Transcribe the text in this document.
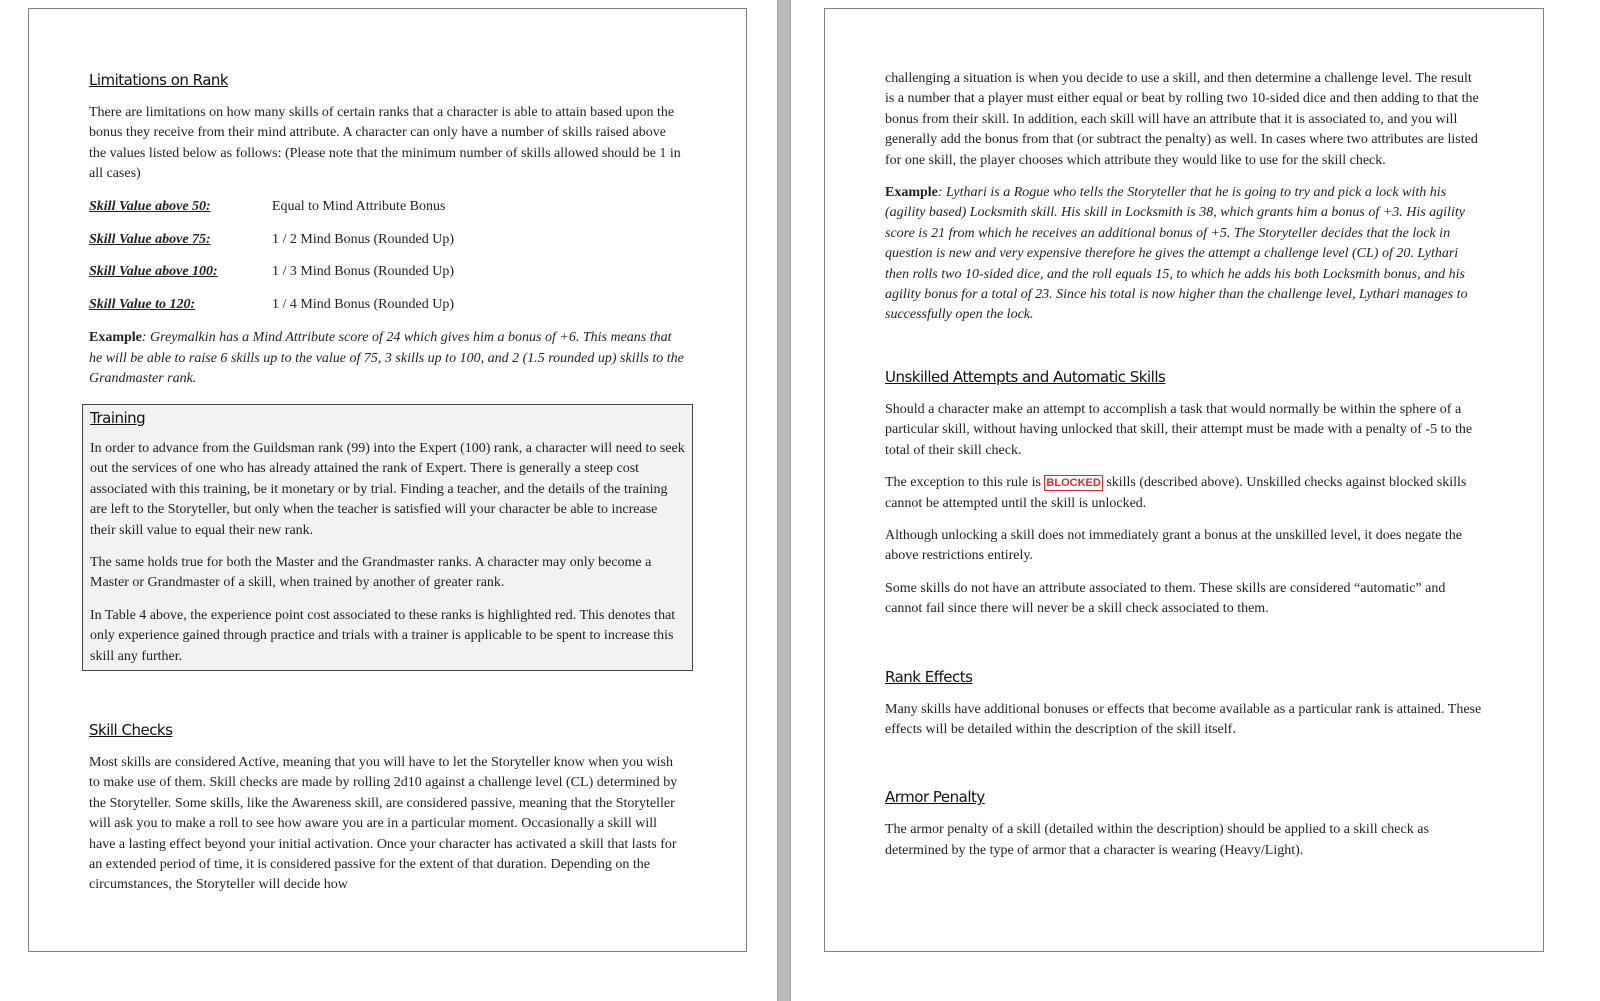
Limitations on Rank

There are limitations on how many skills of certain ranks that a character is able to attain based upon the bonus they receive from their mind attribute. A character can only have a number of skills raised above the values listed below as follows: (Please note that the minimum number of skills allowed should be 1 in all cases)

Skill Value above 50:	Equal to Mind Attribute Bonus
Skill Value above 75:	1 / 2 Mind Bonus (Rounded Up)
Skill Value above 100:	1 / 3 Mind Bonus (Rounded Up)
Skill Value to 120:	1 / 4 Mind Bonus (Rounded Up)

Example: Greymalkin has a Mind Attribute score of 24 which gives him a bonus of +6. This means that he will be able to raise 6 skills up to the value of 75, 3 skills up to 100, and 2 (1.5 rounded up) skills to the Grandmaster rank.

Training

In order to advance from the Guildsman rank (99) into the Expert (100) rank, a character will need to seek out the services of one who has already attained the rank of Expert. There is generally a steep cost associated with this training, be it monetary or by trial. Finding a teacher, and the details of the training are left to the Storyteller, but only when the teacher is satisfied will your character be able to increase their skill value to equal their new rank.

The same holds true for both the Master and the Grandmaster ranks. A character may only become a Master or Grandmaster of a skill, when trained by another of greater rank.

In Table 4 above, the experience point cost associated to these ranks is highlighted red. This denotes that only experience gained through practice and trials with a trainer is applicable to be spent to increase this skill any further.

Skill Checks

Most skills are considered Active, meaning that you will have to let the Storyteller know when you wish to make use of them. Skill checks are made by rolling 2d10 against a challenge level (CL) determined by the Storyteller. Some skills, like the Awareness skill, are considered passive, meaning that the Storyteller will ask you to make a roll to see how aware you are in a particular moment. Occasionally a skill will have a lasting effect beyond your initial activation. Once your character has activated a skill that lasts for an extended period of time, it is considered passive for the extent of that duration. Depending on the circumstances, the Storyteller will decide how

challenging a situation is when you decide to use a skill, and then determine a challenge level. The result is a number that a player must either equal or beat by rolling two 10-sided dice and then adding to that the bonus from their skill. In addition, each skill will have an attribute that it is associated to, and you will generally add the bonus from that (or subtract the penalty) as well. In cases where two attributes are listed for one skill, the player chooses which attribute they would like to use for the skill check.

Example: Lythari is a Rogue who tells the Storyteller that he is going to try and pick a lock with his (agility based) Locksmith skill. His skill in Locksmith is 38, which grants him a bonus of +3. His agility score is 21 from which he receives an additional bonus of +5. The Storyteller decides that the lock in question is new and very expensive therefore he gives the attempt a challenge level (CL) of 20. Lythari then rolls two 10-sided dice, and the roll equals 15, to which he adds his both Locksmith bonus, and his agility bonus for a total of 23. Since his total is now higher than the challenge level, Lythari manages to successfully open the lock.

Unskilled Attempts and Automatic Skills

Should a character make an attempt to accomplish a task that would normally be within the sphere of a particular skill, without having unlocked that skill, their attempt must be made with a penalty of -5 to the total of their skill check.

The exception to this rule is BLOCKED skills (described above). Unskilled checks against blocked skills cannot be attempted until the skill is unlocked.

Although unlocking a skill does not immediately grant a bonus at the unskilled level, it does negate the above restrictions entirely.

Some skills do not have an attribute associated to them. These skills are considered “automatic” and cannot fail since there will never be a skill check associated to them.

Rank Effects

Many skills have additional bonuses or effects that become available as a particular rank is attained. These effects will be detailed within the description of the skill itself.

Armor Penalty

The armor penalty of a skill (detailed within the description) should be applied to a skill check as determined by the type of armor that a character is wearing (Heavy/Light).
